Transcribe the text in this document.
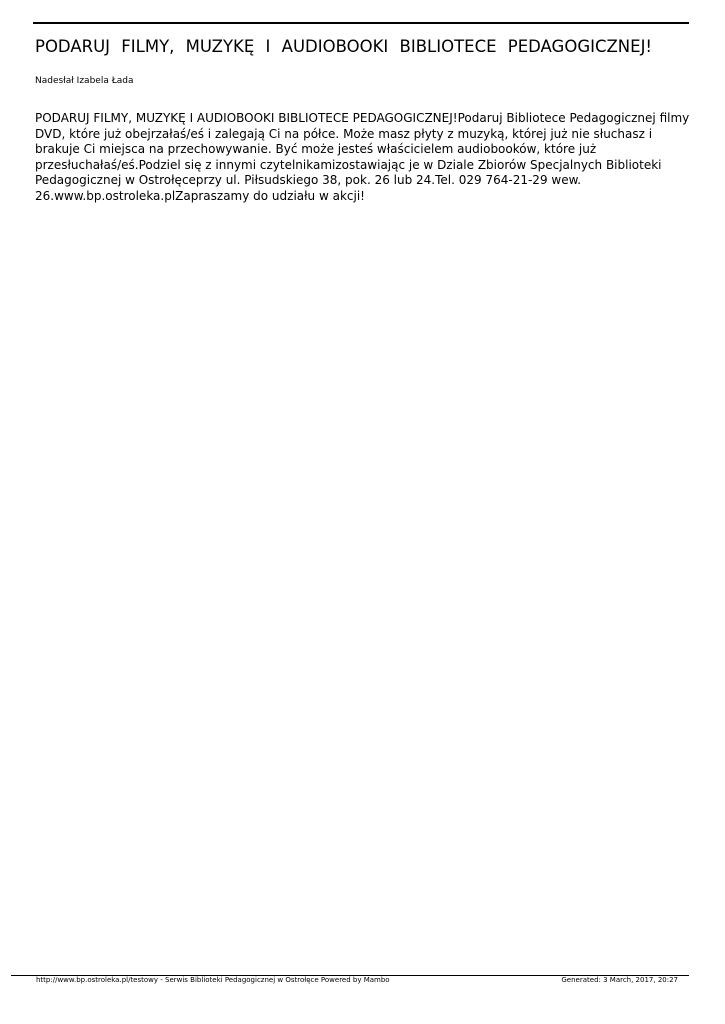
PODARUJ FILMY, MUZYKĘ I AUDIOBOOKI BIBLIOTECE PEDAGOGICZNEJ!
Nadesłał Izabela Łada

PODARUJ FILMY, MUZYKĘ I AUDIOBOOKI BIBLIOTECE PEDAGOGICZNEJ!Podaruj Bibliotece Pedagogicznej filmy DVD, które już obejrzałaś/eś i zalegają Ci na półce. Może masz płyty z muzyką, której już nie słuchasz i brakuje Ci miejsca na przechowywanie. Być może jesteś właścicielem audiobooków, które już przesłuchałaś/eś.Podziel się z innymi czytelnikamizostawiając je w Dziale Zbiorów Specjalnych Biblioteki Pedagogicznej w Ostrołęceprzy ul. Piłsudskiego 38, pok. 26 lub 24.Tel. 029 764-21-29 wew. 26.www.bp.ostroleka.plZapraszamy do udziału w akcji!

http://www.bp.ostroleka.pl/testowy - Serwis Biblioteki Pedagogicznej w Ostrołęce Powered by Mambo	Generated: 3 March, 2017, 20:27
